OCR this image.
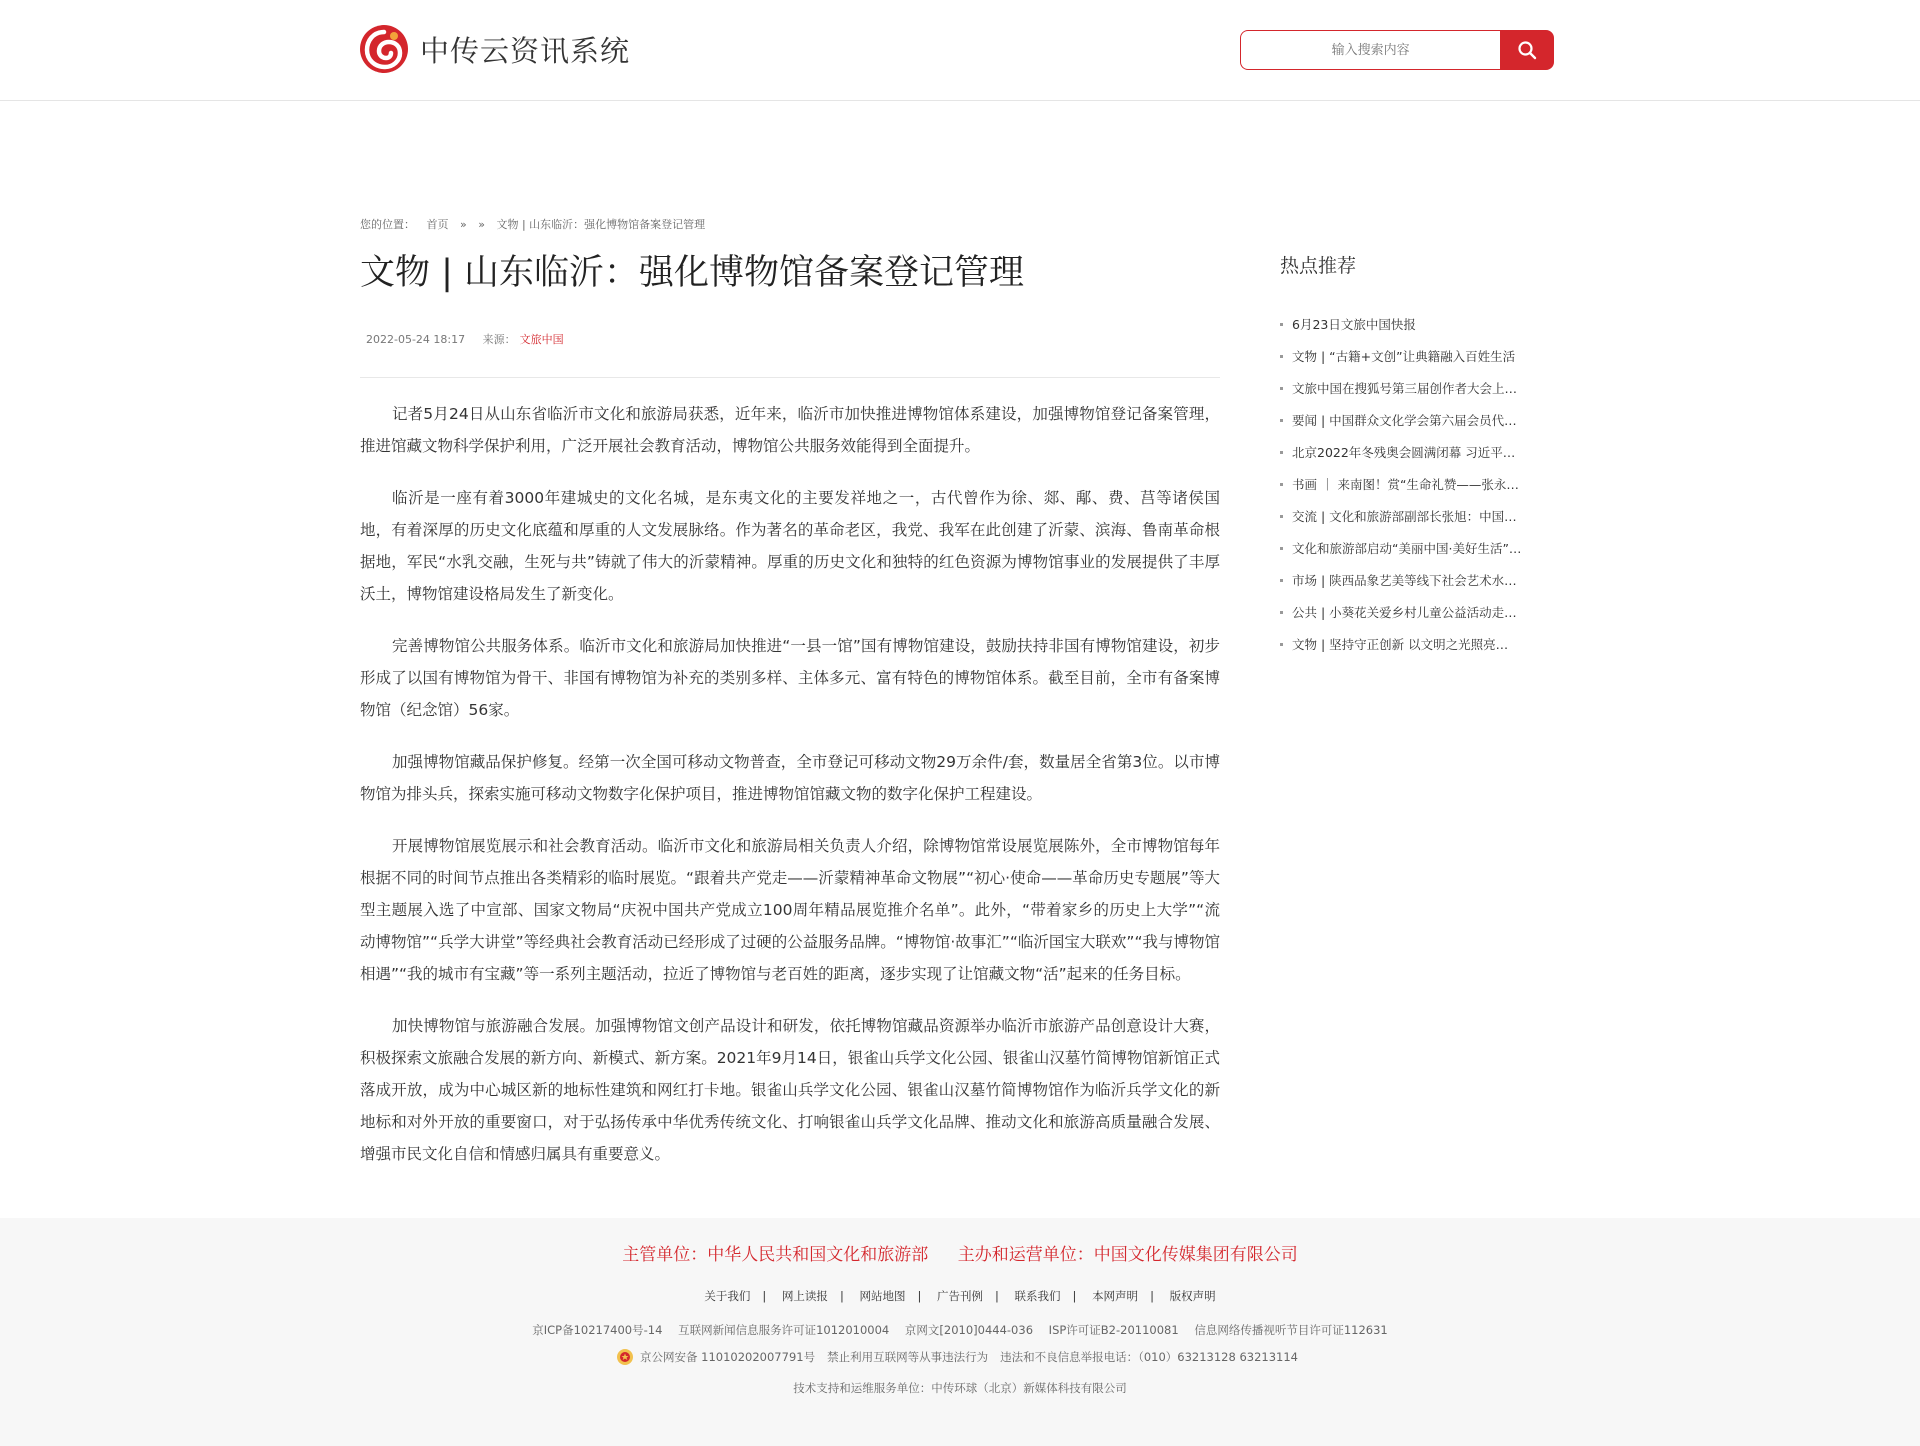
中传云资讯系统
输入搜索内容
您的位置： 首页 » » 文物 | 山东临沂：强化博物馆备案登记管理
文物 | 山东临沂：强化博物馆备案登记管理
2022-05-24 18:17 来源： 文旅中国

记者5月24日从山东省临沂市文化和旅游局获悉，近年来，临沂市加快推进博物馆体系建设，加强博物馆登记备案管理，推进馆藏文物科学保护利用，广泛开展社会教育活动，博物馆公共服务效能得到全面提升。

临沂是一座有着3000年建城史的文化名城，是东夷文化的主要发祥地之一，古代曾作为徐、郯、鄅、费、莒等诸侯国地，有着深厚的历史文化底蕴和厚重的人文发展脉络。作为著名的革命老区，我党、我军在此创建了沂蒙、滨海、鲁南革命根据地，军民“水乳交融，生死与共”铸就了伟大的沂蒙精神。厚重的历史文化和独特的红色资源为博物馆事业的发展提供了丰厚沃土，博物馆建设格局发生了新变化。

完善博物馆公共服务体系。临沂市文化和旅游局加快推进“一县一馆”国有博物馆建设，鼓励扶持非国有博物馆建设，初步形成了以国有博物馆为骨干、非国有博物馆为补充的类别多样、主体多元、富有特色的博物馆体系。截至目前，全市有备案博物馆（纪念馆）56家。

加强博物馆藏品保护修复。经第一次全国可移动文物普查，全市登记可移动文物29万余件/套，数量居全省第3位。以市博物馆为排头兵，探索实施可移动文物数字化保护项目，推进博物馆馆藏文物的数字化保护工程建设。

开展博物馆展览展示和社会教育活动。临沂市文化和旅游局相关负责人介绍，除博物馆常设展览展陈外，全市博物馆每年根据不同的时间节点推出各类精彩的临时展览。“跟着共产党走——沂蒙精神革命文物展”“初心·使命——革命历史专题展”等大型主题展入选了中宣部、国家文物局“庆祝中国共产党成立100周年精品展览推介名单”。此外，“带着家乡的历史上大学”“流动博物馆”“兵学大讲堂”等经典社会教育活动已经形成了过硬的公益服务品牌。“博物馆·故事汇”“临沂国宝大联欢”“我与博物馆相遇”“我的城市有宝藏”等一系列主题活动，拉近了博物馆与老百姓的距离，逐步实现了让馆藏文物“活”起来的任务目标。

加快博物馆与旅游融合发展。加强博物馆文创产品设计和研发，依托博物馆藏品资源举办临沂市旅游产品创意设计大赛，积极探索文旅融合发展的新方向、新模式、新方案。2021年9月14日，银雀山兵学文化公园、银雀山汉墓竹简博物馆新馆正式落成开放，成为中心城区新的地标性建筑和网红打卡地。银雀山兵学文化公园、银雀山汉墓竹简博物馆作为临沂兵学文化的新地标和对外开放的重要窗口，对于弘扬传承中华优秀传统文化、打响银雀山兵学文化品牌、推动文化和旅游高质量融合发展、增强市民文化自信和情感归属具有重要意义。

热点推荐
6月23日文旅中国快报
文物 | “古籍+文创”让典籍融入百姓生活
文旅中国在搜狐号第三届创作者大会上…
要闻 | 中国群众文化学会第六届会员代…
北京2022年冬残奥会圆满闭幕 习近平…
书画 ｜ 来南图！赏“生命礼赞——张永…
交流 | 文化和旅游部副部长张旭：中国…
文化和旅游部启动“美丽中国·美好生活”…
市场 | 陕西品象艺美等线下社会艺术水…
公共 | 小葵花关爱乡村儿童公益活动走…
文物 | 坚持守正创新 以文明之光照亮…
主管单位：中华人民共和国文化和旅游部 主办和运营单位：中国文化传媒集团有限公司
关于我们 | 网上读报 | 网站地图 | 广告刊例 | 联系我们 | 本网声明 | 版权声明
京ICP备10217400号-14 互联网新闻信息服务许可证1012010004 京网文[2010]0444-036 ISP许可证B2-20110081 信息网络传播视听节目许可证112631
京公网安备 11010202007791号 禁止利用互联网等从事违法行为 违法和不良信息举报电话：（010）63213128 63213114
技术支持和运维服务单位：中传环球（北京）新媒体科技有限公司
